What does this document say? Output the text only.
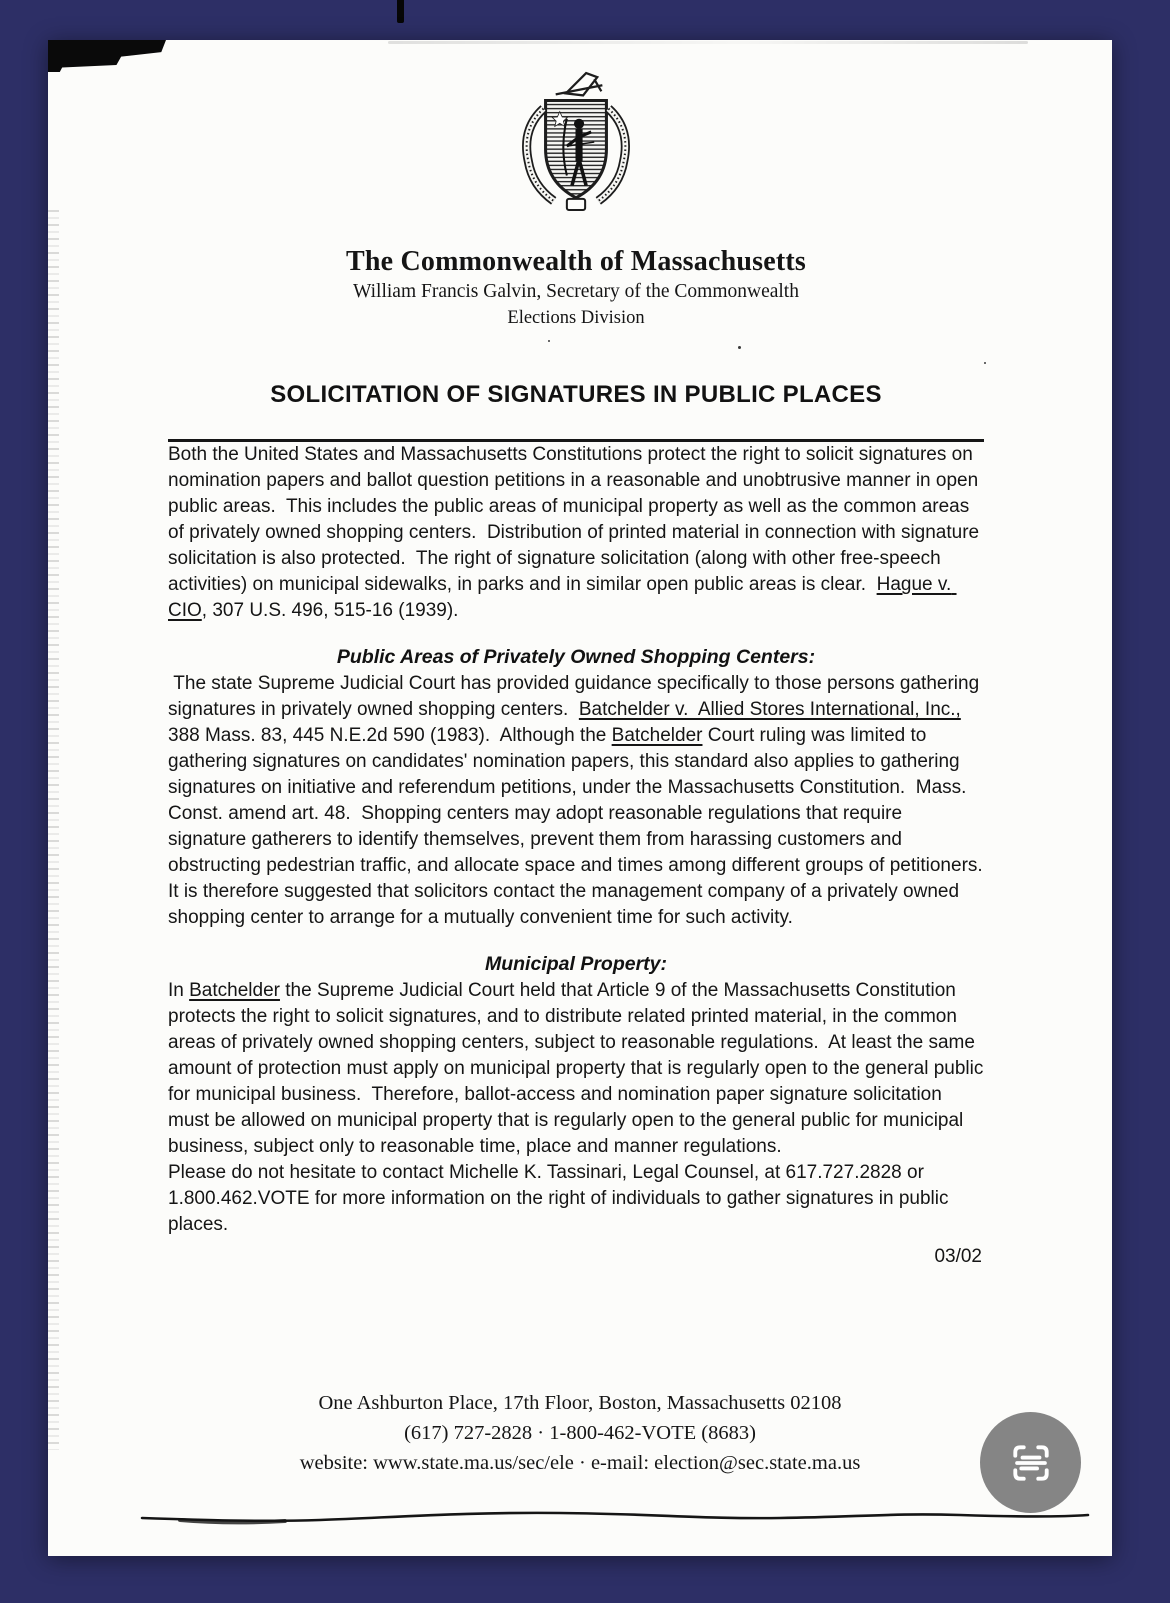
The Commonwealth of Massachusetts
William Francis Galvin, Secretary of the Commonwealth
Elections Division
SOLICITATION OF SIGNATURES IN PUBLIC PLACES

Both the United States and Massachusetts Constitutions protect the right to solicit signatures on nomination papers and ballot question petitions in a reasonable and unobtrusive manner in open public areas.  This includes the public areas of municipal property as well as the common areas of privately owned shopping centers.  Distribution of printed material in connection with signature solicitation is also protected.  The right of signature solicitation (along with other free-speech activities) on municipal sidewalks, in parks and in similar open public areas is clear.  Hague v. CIO, 307 U.S. 496, 515-16 (1939).

Public Areas of Privately Owned Shopping Centers:

The state Supreme Judicial Court has provided guidance specifically to those persons gathering signatures in privately owned shopping centers.  Batchelder v.  Allied Stores International, Inc., 388 Mass. 83, 445 N.E.2d 590 (1983).  Although the Batchelder Court ruling was limited to gathering signatures on candidates' nomination papers, this standard also applies to gathering signatures on initiative and referendum petitions, under the Massachusetts Constitution.  Mass. Const. amend art. 48.  Shopping centers may adopt reasonable regulations that require signature gatherers to identify themselves, prevent them from harassing customers and obstructing pedestrian traffic, and allocate space and times among different groups of petitioners.  It is therefore suggested that solicitors contact the management company of a privately owned shopping center to arrange for a mutually convenient time for such activity.

Municipal Property:

In Batchelder the Supreme Judicial Court held that Article 9 of the Massachusetts Constitution protects the right to solicit signatures, and to distribute related printed material, in the common areas of privately owned shopping centers, subject to reasonable regulations.  At least the same amount of protection must apply on municipal property that is regularly open to the general public for municipal business.  Therefore, ballot-access and nomination paper signature solicitation must be allowed on municipal property that is regularly open to the general public for municipal business, subject only to reasonable time, place and manner regulations.

Please do not hesitate to contact Michelle K. Tassinari, Legal Counsel, at 617.727.2828 or 1.800.462.VOTE for more information on the right of individuals to gather signatures in public places.

03/02
One Ashburton Place, 17th Floor, Boston, Massachusetts 02108
(617) 727-2828 · 1-800-462-VOTE (8683)
website: www.state.ma.us/sec/ele · e-mail: election@sec.state.ma.us
